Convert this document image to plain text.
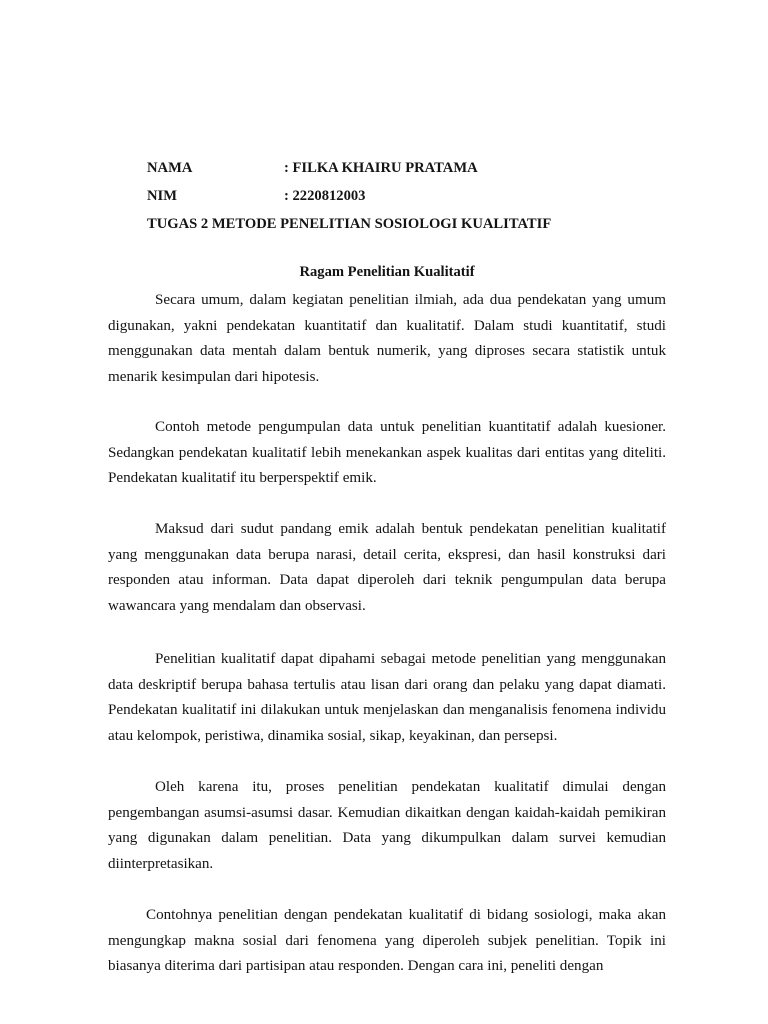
NAMA	: FILKA KHAIRU PRATAMA
NIM	: 2220812003
TUGAS 2 METODE PENELITIAN SOSIOLOGI KUALITATIF
Ragam Penelitian Kualitatif

Secara umum, dalam kegiatan penelitian ilmiah, ada dua pendekatan yang umum digunakan, yakni pendekatan kuantitatif dan kualitatif. Dalam studi kuantitatif, studi menggunakan data mentah dalam bentuk numerik, yang diproses secara statistik untuk menarik kesimpulan dari hipotesis.

Contoh metode pengumpulan data untuk penelitian kuantitatif adalah kuesioner. Sedangkan pendekatan kualitatif lebih menekankan aspek kualitas dari entitas yang diteliti. Pendekatan kualitatif itu berperspektif emik.

Maksud dari sudut pandang emik adalah bentuk pendekatan penelitian kualitatif yang menggunakan data berupa narasi, detail cerita, ekspresi, dan hasil konstruksi dari responden atau informan. Data dapat diperoleh dari teknik pengumpulan data berupa wawancara yang mendalam dan observasi.

Penelitian kualitatif dapat dipahami sebagai metode penelitian yang menggunakan data deskriptif berupa bahasa tertulis atau lisan dari orang dan pelaku yang dapat diamati. Pendekatan kualitatif ini dilakukan untuk menjelaskan dan menganalisis fenomena individu atau kelompok, peristiwa, dinamika sosial, sikap, keyakinan, dan persepsi.

Oleh karena itu, proses penelitian pendekatan kualitatif dimulai dengan pengembangan asumsi-asumsi dasar. Kemudian dikaitkan dengan kaidah-kaidah pemikiran yang digunakan dalam penelitian. Data yang dikumpulkan dalam survei kemudian diinterpretasikan.

Contohnya penelitian dengan pendekatan kualitatif di bidang sosiologi, maka akan mengungkap makna sosial dari fenomena yang diperoleh subjek penelitian. Topik ini biasanya diterima dari partisipan atau responden. Dengan cara ini, peneliti dengan
